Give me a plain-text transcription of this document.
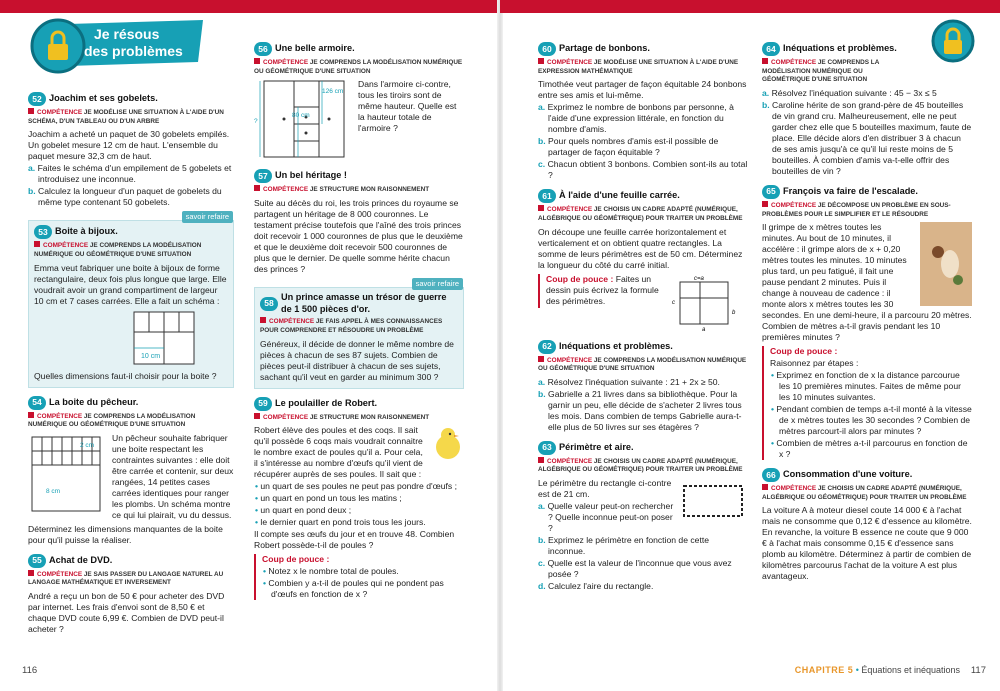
Je résous
des problèmes
52 Joachim et ses gobelets.
COMPÉTENCE JE MODÉLISE UNE SITUATION À L'AIDE D'UN SCHÉMA, D'UN TABLEAU OU D'UN ARBRE

Joachim a acheté un paquet de 30 gobelets empilés. Un gobelet mesure 12 cm de haut. L'ensemble du paquet mesure 32,3 cm de haut.

a. Faites le schéma d'un empilement de 5 gobelets et introduisez une inconnue.

b. Calculez la longueur d'un paquet de gobelets du même type contenant 50 gobelets.

savoir refaire
53 Boite à bijoux.
COMPÉTENCE JE COMPRENDS LA MODÉLISATION NUMÉRIQUE OU GÉOMÉTRIQUE D'UNE SITUATION

Emma veut fabriquer une boite à bijoux de forme rectangulaire, deux fois plus longue que large. Elle voudrait avoir un grand compartiment de largeur 10 cm et 7 cases carrées. Elle a fait un schéma :

10 cm

Quelles dimensions faut-il choisir pour la boite ?

54 La boite du pêcheur.
COMPÉTENCE JE COMPRENDS LA MODÉLISATION NUMÉRIQUE OU GÉOMÉTRIQUE D'UNE SITUATION
2 cm
8 cm

Un pêcheur souhaite fabriquer une boite respectant les contraintes suivantes : elle doit être carrée et contenir, sur deux rangées, 14 petites cases carrées identiques pour ranger les plombs. Un schéma montre ce qui lui plairait, vu du dessus.

Déterminez les dimensions manquantes de la boite pour qu'il puisse la réaliser.

55 Achat de DVD.
COMPÉTENCE JE SAIS PASSER DU LANGAGE NATUREL AU LANGAGE MATHÉMATIQUE ET INVERSEMENT

André a reçu un bon de 50 € pour acheter des DVD par internet. Les frais d'envoi sont de 8,50 € et chaque DVD coute 6,99 €. Combien de DVD peut-il acheter ?

56 Une belle armoire.
COMPÉTENCE JE COMPRENDS LA MODÉLISATION NUMÉRIQUE OU GÉOMÉTRIQUE D'UNE SITUATION
?
126 cm
80 cm

Dans l'armoire ci-contre, tous les tiroirs sont de même hauteur. Quelle est la hauteur totale de l'armoire ?

57 Un bel héritage !
COMPÉTENCE JE STRUCTURE MON RAISONNEMENT

Suite au décès du roi, les trois princes du royaume se partagent un héritage de 8 000 couronnes. Le testament précise toutefois que l'aîné des trois princes doit recevoir 1 000 couronnes de plus que le deuxième et que le deuxième doit recevoir 500 couronnes de plus que le dernier. De quelle somme hérite chacun des princes ?

savoir refaire
58
Un prince amasse un trésor de guerre de 1 500 pièces d'or.
COMPÉTENCE JE FAIS APPEL À MES CONNAISSANCES POUR COMPRENDRE ET RÉSOUDRE UN PROBLÈME

Généreux, il décide de donner le même nombre de pièces à chacun de ses 87 sujets. Combien de pièces peut-il distribuer à chacun de ses sujets, sachant qu'il veut en garder au minimum 300 ?

59 Le poulailler de Robert.
COMPÉTENCE JE STRUCTURE MON RAISONNEMENT

Robert élève des poules et des coqs. Il sait qu'il possède 6 coqs mais voudrait connaitre le nombre exact de poules qu'il a. Pour cela, il s'intéresse au nombre d'œufs qu'il vient de récupérer auprès de ses poules. Il sait que :

• un quart de ses poules ne peut pas pondre d'œufs ;

• un quart en pond un tous les matins ;

• un quart en pond deux ;

• le dernier quart en pond trois tous les jours.

Il compte ses œufs du jour et en trouve 48. Combien Robert possède-t-il de poules ?

Coup de pouce :

• Notez x le nombre total de poules.

• Combien y a-t-il de poules qui ne pondent pas d'œufs en fonction de x ?

116
60 Partage de bonbons.
COMPÉTENCE JE MODÉLISE UNE SITUATION À L'AIDE D'UNE EXPRESSION MATHÉMATIQUE

Timothée veut partager de façon équitable 24 bonbons entre ses amis et lui-même.

a. Exprimez le nombre de bonbons par personne, à l'aide d'une expression littérale, en fonction du nombre d'amis.

b. Pour quels nombres d'amis est-il possible de partager de façon équitable ?

c. Chacun obtient 3 bonbons. Combien sont-ils au total ?

61 À l'aide d'une feuille carrée.
COMPÉTENCE JE CHOISIS UN CADRE ADAPTÉ (NUMÉRIQUE, ALGÉBRIQUE OU GÉOMÉTRIQUE) POUR TRAITER UN PROBLÈME

On découpe une feuille carrée horizontalement et verticalement et on obtient quatre rectangles. La somme de leurs périmètres est de 50 cm. Déterminez la longueur du côté du carré initial.

Coup de pouce : Faites un dessin puis écrivez la formule des périmètres.

c=a
c
b
a
62 Inéquations et problèmes.
COMPÉTENCE JE COMPRENDS LA MODÉLISATION NUMÉRIQUE OU GÉOMÉTRIQUE D'UNE SITUATION

a. Résolvez l'inéquation suivante : 21 + 2x ≥ 50.

b. Gabrielle a 21 livres dans sa bibliothèque. Pour la garnir un peu, elle décide de s'acheter 2 livres tous les mois. Dans combien de temps Gabrielle aura-t-elle plus de 50 livres sur ses étagères ?

63 Périmètre et aire.
COMPÉTENCE JE CHOISIS UN CADRE ADAPTÉ (NUMÉRIQUE, ALGÉBRIQUE OU GÉOMÉTRIQUE) POUR TRAITER UN PROBLÈME

Le périmètre du rectangle ci-contre est de 21 cm.

a. Quelle valeur peut-on rechercher ? Quelle inconnue peut-on poser ?

b. Exprimez le périmètre en fonction de cette inconnue.

c. Quelle est la valeur de l'inconnue que vous avez posée ?

d. Calculez l'aire du rectangle.

64 Inéquations et problèmes.
COMPÉTENCE JE COMPRENDS LA MODÉLISATION NUMÉRIQUE OU GÉOMÉTRIQUE D'UNE SITUATION

a. Résolvez l'inéquation suivante : 45 − 3x ≤ 5

b. Caroline hérite de son grand-père de 45 bouteilles de vin grand cru. Malheureusement, elle ne peut garder chez elle que 5 bouteilles maximum, faute de place. Elle décide alors d'en distribuer 3 à chacun de ses amis jusqu'à ce qu'il lui reste moins de 5 bouteilles. À combien d'amis va-t-elle offrir des bouteilles de vin ?

65 François va faire de l'escalade.
COMPÉTENCE JE DÉCOMPOSE UN PROBLÈME EN SOUS-PROBLÈMES POUR LE SIMPLIFIER ET LE RÉSOUDRE

Il grimpe de x mètres toutes les minutes. Au bout de 10 minutes, il accélère : il grimpe alors de x + 0,20 mètres toutes les minutes. 10 minutes plus tard, un peu fatigué, il fait une pause pendant 2 minutes. Puis il change à nouveau de cadence : il monte alors x mètres toutes les 30 secondes. En une demi-heure, il a parcouru 20 mètres. Combien de mètres a-t-il gravis pendant les 10 premières minutes ?

Coup de pouce :

Raisonnez par étapes :

• Exprimez en fonction de x la distance parcourue les 10 premières minutes. Faites de même pour les 10 minutes suivantes.

• Pendant combien de temps a-t-il monté à la vitesse de x mètres toutes les 30 secondes ? Combien de mètres parcourt-il alors par minutes ?

• Combien de mètres a-t-il parcourus en fonction de x ?

66 Consommation d'une voiture.
COMPÉTENCE JE CHOISIS UN CADRE ADAPTÉ (NUMÉRIQUE, ALGÉBRIQUE OU GÉOMÉTRIQUE) POUR TRAITER UN PROBLÈME

La voiture A à moteur diesel coute 14 000 € à l'achat mais ne consomme que 0,12 € d'essence au kilomètre. En revanche, la voiture B essence ne coute que 9 000 € à l'achat mais consomme 0,15 € d'essence sans plomb au kilomètre. Déterminez à partir de combien de kilomètres parcourus l'achat de la voiture A est plus avantageux.

CHAPITRE 5 • Équations et inéquations 117
